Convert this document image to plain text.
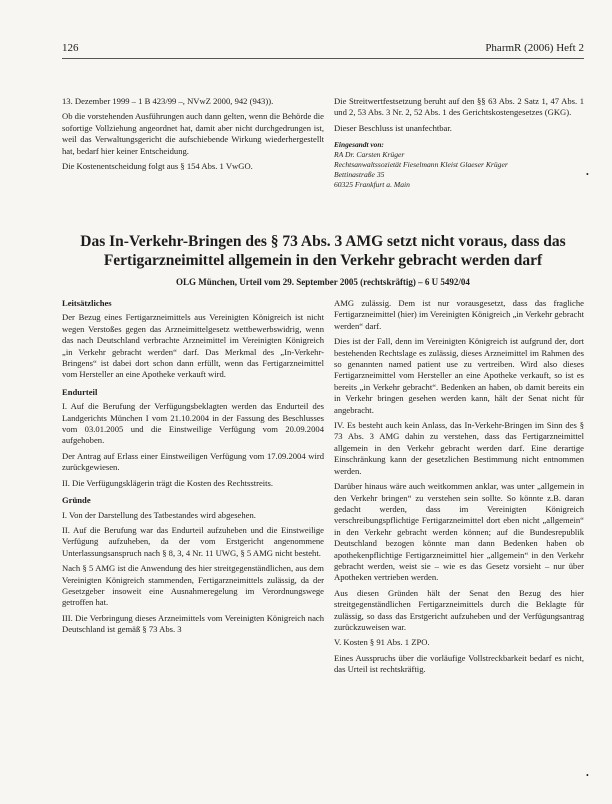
126	PharmR (2006) Heft 2

13. Dezember 1999 – 1 B 423/99 –, NVwZ 2000, 942 (943)).

Ob die vorstehenden Ausführungen auch dann gelten, wenn die Behörde die sofortige Vollziehung angeordnet hat, damit aber nicht durchgedrungen ist, weil das Verwaltungsgericht die aufschiebende Wirkung wiederhergestellt hat, bedarf hier keiner Entscheidung.

Die Kostenentscheidung folgt aus § 154 Abs. 1 VwGO.

Die Streitwertfestsetzung beruht auf den §§ 63 Abs. 2 Satz 1, 47 Abs. 1 und 2, 53 Abs. 3 Nr. 2, 52 Abs. 1 des Gerichtskostengesetzes (GKG).

Dieser Beschluss ist unanfechtbar.

Eingesandt von:
RA Dr. Carsten Krüger
Rechtsanwaltssozietät Fieselmann Kleist Glaeser Krüger
Bettinastraße 35
60325 Frankfurt a. Main
•
Das In-Verkehr-Bringen des § 73 Abs. 3 AMG setzt nicht voraus, dass das Fertigarzneimittel allgemein in den Verkehr gebracht werden darf
OLG München, Urteil vom 29. September 2005 (rechtskräftig) – 6 U 5492/04
Leitsätzliches

Der Bezug eines Fertigarzneimittels aus Vereinigten Königreich ist nicht wegen Verstoßes gegen das Arzneimittelgesetz wettbewerbswidrig, wenn das nach Deutschland verbrachte Arzneimittel im Vereinigten Königreich „in Verkehr gebracht werden“ darf. Das Merkmal des „In-Verkehr-Bringens“ ist dabei dort schon dann erfüllt, wenn das Fertigarzneimittel vom Hersteller an eine Apotheke verkauft wird.

Endurteil

I. Auf die Berufung der Verfügungsbeklagten werden das Endurteil des Landgerichts München I vom 21.10.2004 in der Fassung des Beschlusses vom 03.01.2005 und die Einstweilige Verfügung vom 20.09.2004 aufgehoben.

Der Antrag auf Erlass einer Einstweiligen Verfügung vom 17.09.2004 wird zurückgewiesen.

II. Die Verfügungsklägerin trägt die Kosten des Rechtsstreits.

Gründe

I. Von der Darstellung des Tatbestandes wird abgesehen.

II. Auf die Berufung war das Endurteil aufzuheben und die Einstweilige Verfügung aufzuheben, da der vom Erstgericht angenommene Unterlassungsanspruch nach § 8, 3, 4 Nr. 11 UWG, § 5 AMG nicht besteht.

Nach § 5 AMG ist die Anwendung des hier streitgegenständlichen, aus dem Vereinigten Königreich stammenden, Fertigarzneimittels zulässig, da der Gesetzgeber insoweit eine Ausnahmeregelung im Verordnungswege getroffen hat.

III. Die Verbringung dieses Arzneimittels vom Vereinigten Königreich nach Deutschland ist gemäß § 73 Abs. 3

AMG zulässig. Dem ist nur vorausgesetzt, dass das fragliche Fertigarzneimittel (hier) im Vereinigten Königreich „in Verkehr gebracht werden“ darf.

Dies ist der Fall, denn im Vereinigten Königreich ist aufgrund der, dort bestehenden Rechtslage es zulässig, dieses Arzneimittel im Rahmen des so genannten named patient use zu vertreiben. Wird also dieses Fertigarzneimittel vom Hersteller an eine Apotheke verkauft, so ist es bereits „in Verkehr gebracht“. Bedenken an haben, ob damit bereits ein in Verkehr bringen gesehen werden kann, hält der Senat nicht für angebracht.

IV. Es besteht auch kein Anlass, das In-Verkehr-Bringen im Sinn des § 73 Abs. 3 AMG dahin zu verstehen, dass das Fertigarzneimittel allgemein in den Verkehr gebracht werden darf. Eine derartige Einschränkung kann der gesetzlichen Bestimmung nicht entnommen werden.

Darüber hinaus wäre auch weitkommen anklar, was unter „allgemein in den Verkehr bringen“ zu verstehen sein sollte. So könnte z.B. daran gedacht werden, dass im Vereinigten Königreich verschreibungspflichtige Fertigarzneimittel dort eben nicht „allgemein“ in den Verkehr gebracht werden können; auf die Bundesrepublik Deutschland bezogen könnte man dann Bedenken haben ob apothekenpflichtige Fertigarzneimittel hier „allgemein“ in den Verkehr gebracht werden, weist sie – wie es das Gesetz vorsieht – nur über Apotheken vertrieben werden.

Aus diesen Gründen hält der Senat den Bezug des hier streitgegenständlichen Fertigarzneimittels durch die Beklagte für zulässig, so dass das Erstgericht aufzuheben und der Verfügungsantrag zurückzuweisen war.

V. Kosten § 91 Abs. 1 ZPO.

Eines Ausspruchs über die vorläufige Vollstreckbarkeit bedarf es nicht, das Urteil ist rechtskräftig.

•
